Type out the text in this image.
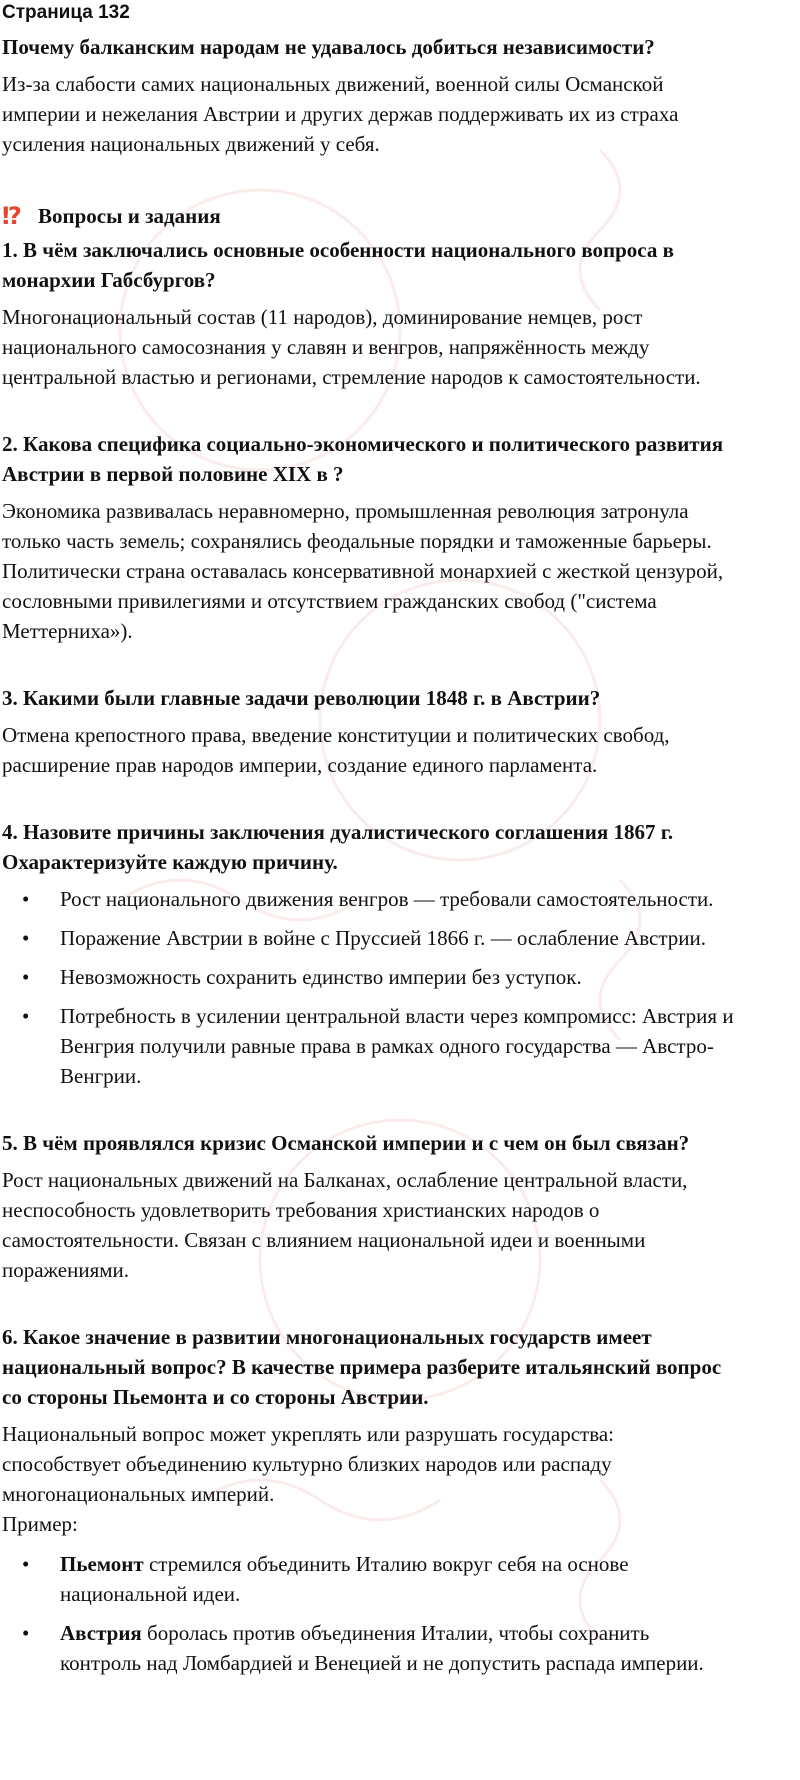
Страница 132

Почему балканским народам не удавалось добиться независимости?

Из-за слабости самих национальных движений, военной силы Османской

империи и нежелания Австрии и других держав поддерживать их из страха

усиления национальных движений у себя.

⁉ Вопросы и задания

1. В чём заключались основные особенности национального вопроса в

монархии Габсбургов?

Многонациональный состав (11 народов), доминирование немцев, рост

национального самосознания у славян и венгров, напряжённость между

центральной властью и регионами, стремление народов к самостоятельности.

2. Какова специфика социально-экономического и политического развития

Австрии в первой половине XIX в ?

Экономика развивалась неравномерно, промышленная революция затронула

только часть земель; сохранялись феодальные порядки и таможенные барьеры.

Политически страна оставалась консервативной монархией с жесткой цензурой,

сословными привилегиями и отсутствием гражданских свобод ("система

Меттерниха»).

3. Какими были главные задачи революции 1848 г. в Австрии?

Отмена крепостного права, введение конституции и политических свобод,

расширение прав народов империи, создание единого парламента.

4. Назовите причины заключения дуалистического соглашения 1867 г.

Охарактеризуйте каждую причину.

• Рост национального движения венгров — требовали самостоятельности.
• Поражение Австрии в войне с Пруссией 1866 г. — ослабление Австрии.
• Невозможность сохранить единство империи без уступок.
• Потребность в усилении центральной власти через компромисс: Австрия и
Венгрия получили равные права в рамках одного государства — Австро-
Венгрии.

5. В чём проявлялся кризис Османской империи и с чем он был связан?

Рост национальных движений на Балканах, ослабление центральной власти,

неспособность удовлетворить требования христианских народов о

самостоятельности. Связан с влиянием национальной идеи и военными

поражениями.

6. Какое значение в развитии многонациональных государств имеет

национальный вопрос? В качестве примера разберите итальянский вопрос

со стороны Пьемонта и со стороны Австрии.

Национальный вопрос может укреплять или разрушать государства:

способствует объединению культурно близких народов или распаду

многонациональных империй.

Пример:

• Пьемонт стремился объединить Италию вокруг себя на основе
национальной идеи.
• Австрия боролась против объединения Италии, чтобы сохранить
контроль над Ломбардией и Венецией и не допустить распада империи.
